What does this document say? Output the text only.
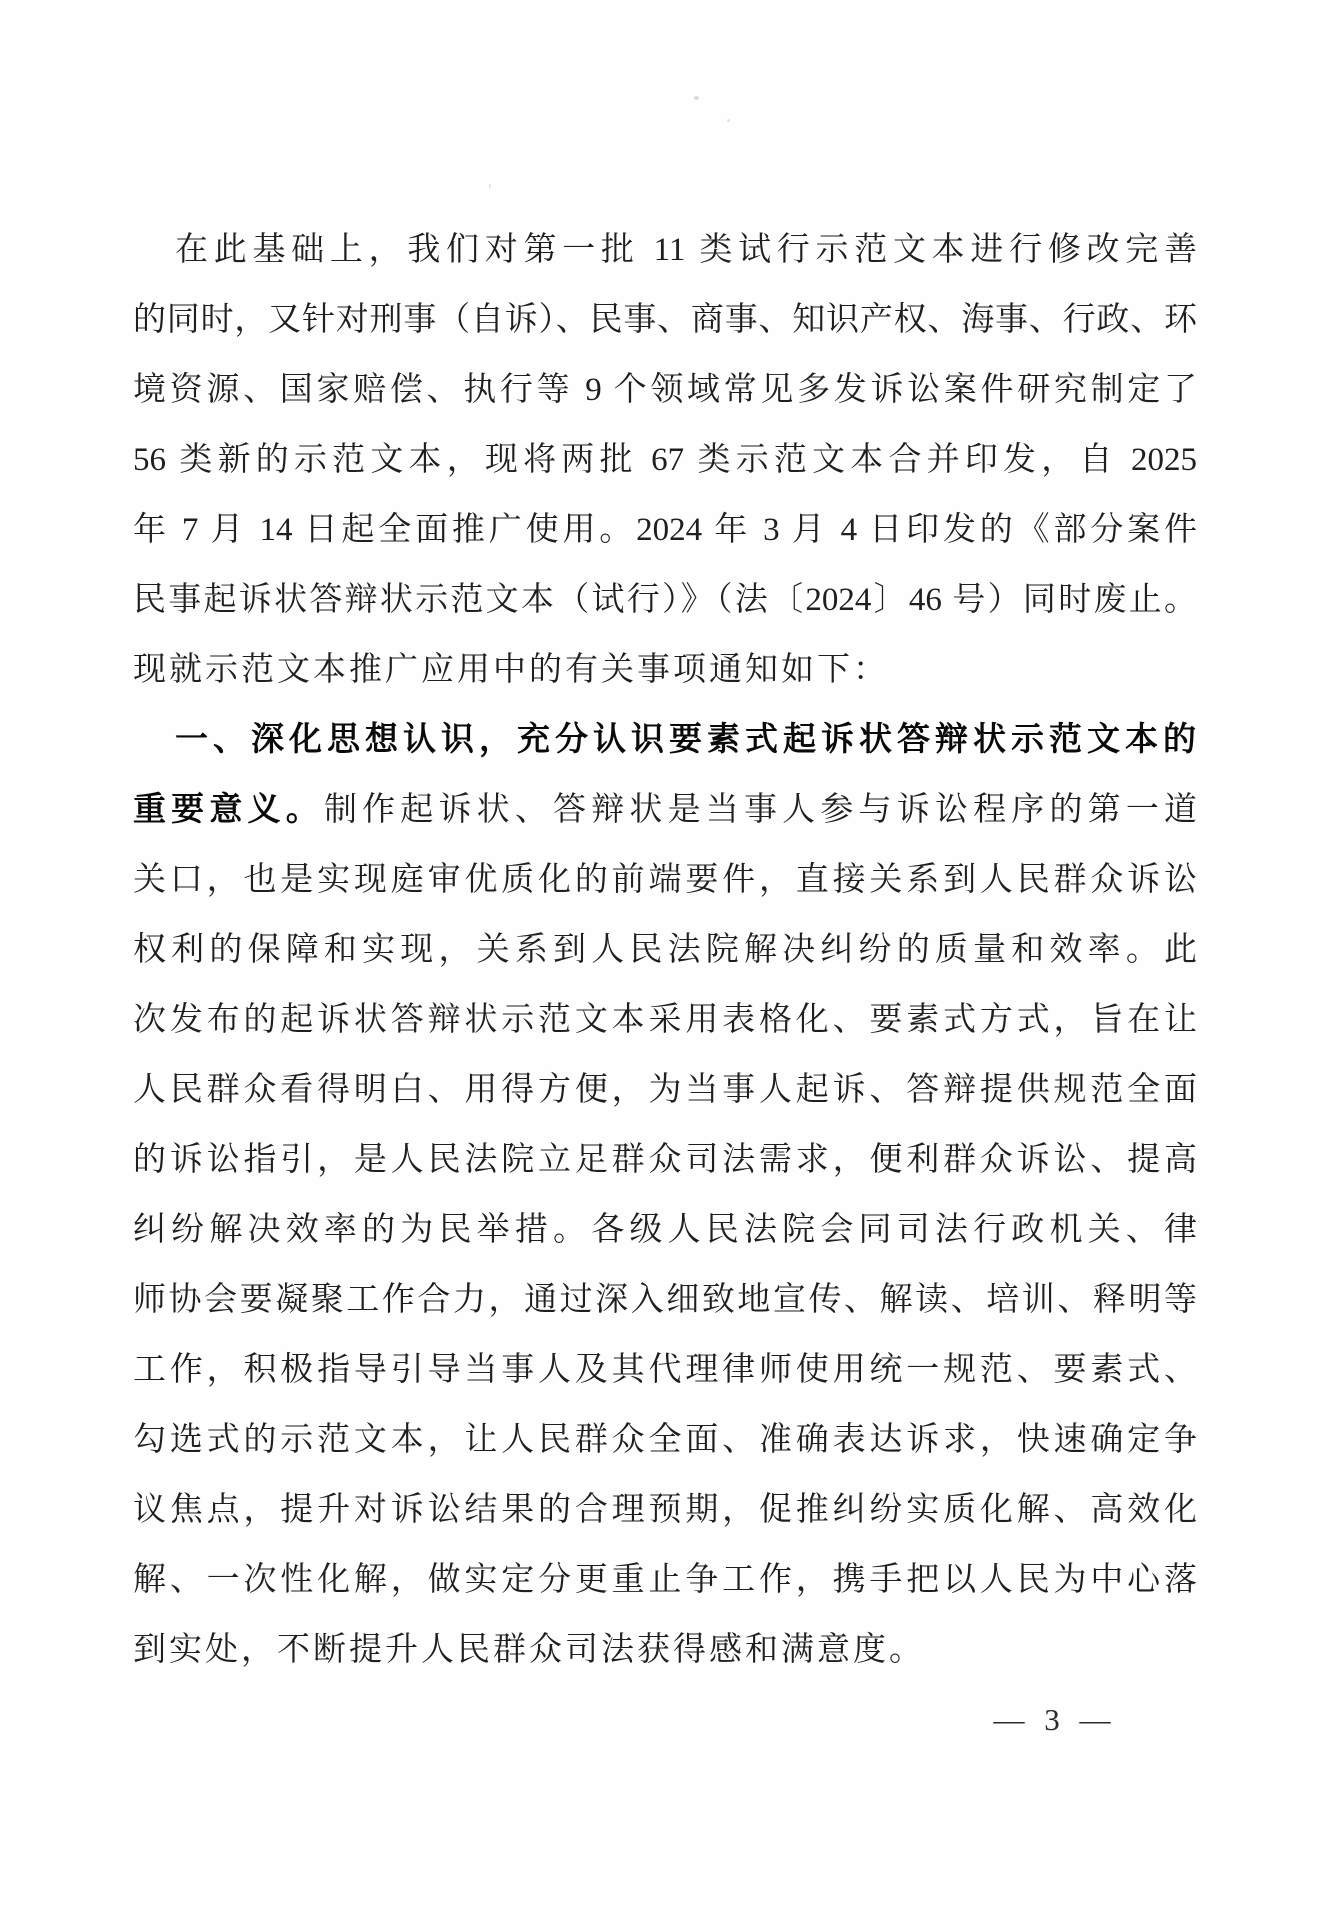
在此基础上，我们对第一批 11 类试行示范文本进行修改完善
的同时，又针对刑事（自诉）、民事、商事、知识产权、海事、行政、环
境资源、国家赔偿、执行等 9 个领域常见多发诉讼案件研究制定了
56 类新的示范文本，现将两批 67 类示范文本合并印发，自 2025
年 7 月 14 日起全面推广使用。2024 年 3 月 4 日印发的《部分案件
民事起诉状答辩状示范文本（试行）》（法〔2024〕46 号）同时废止。
现就示范文本推广应用中的有关事项通知如下：
一、深化思想认识，充分认识要素式起诉状答辩状示范文本的
重要意义。制作起诉状、答辩状是当事人参与诉讼程序的第一道
关口，也是实现庭审优质化的前端要件，直接关系到人民群众诉讼
权利的保障和实现，关系到人民法院解决纠纷的质量和效率。此
次发布的起诉状答辩状示范文本采用表格化、要素式方式，旨在让
人民群众看得明白、用得方便，为当事人起诉、答辩提供规范全面
的诉讼指引，是人民法院立足群众司法需求，便利群众诉讼、提高
纠纷解决效率的为民举措。各级人民法院会同司法行政机关、律
师协会要凝聚工作合力，通过深入细致地宣传、解读、培训、释明等
工作，积极指导引导当事人及其代理律师使用统一规范、要素式、
勾选式的示范文本，让人民群众全面、准确表达诉求，快速确定争
议焦点，提升对诉讼结果的合理预期，促推纠纷实质化解、高效化
解、一次性化解，做实定分更重止争工作，携手把以人民为中心落
到实处，不断提升人民群众司法获得感和满意度。
— 3 —
